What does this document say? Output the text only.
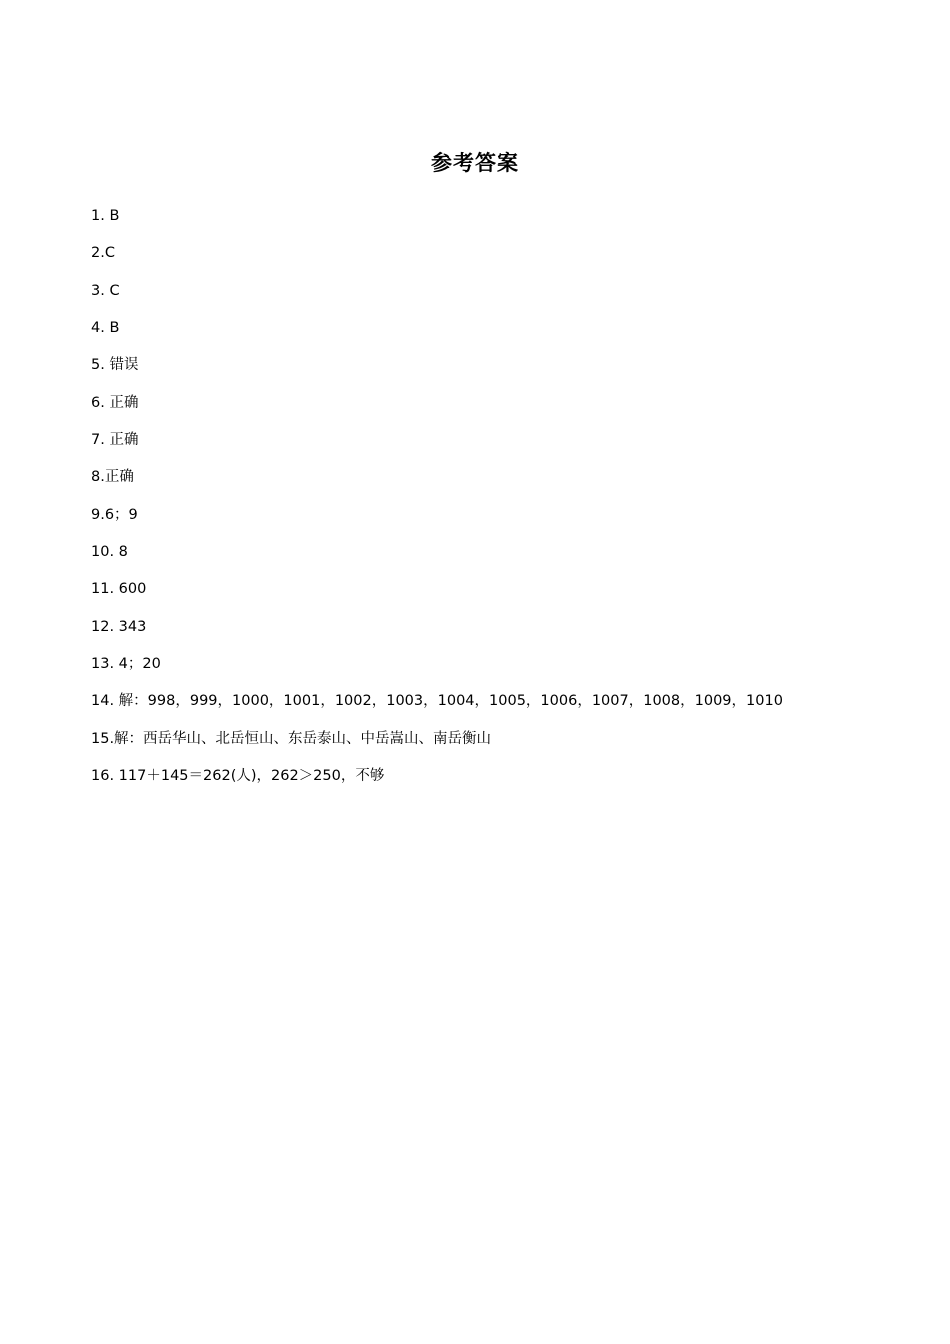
参考答案
1. B
2.C
3. C
4. B
5. 错误
6. 正确
7. 正确
8.正确
9.6；9
10. 8
11. 600
12. 343
13. 4；20
14. 解：998，999，1000，1001，1002，1003，1004，1005，1006，1007，1008，1009，1010
15.解：西岳华山、北岳恒山、东岳泰山、中岳嵩山、南岳衡山
16. 117＋145＝262(人)，262＞250，不够
